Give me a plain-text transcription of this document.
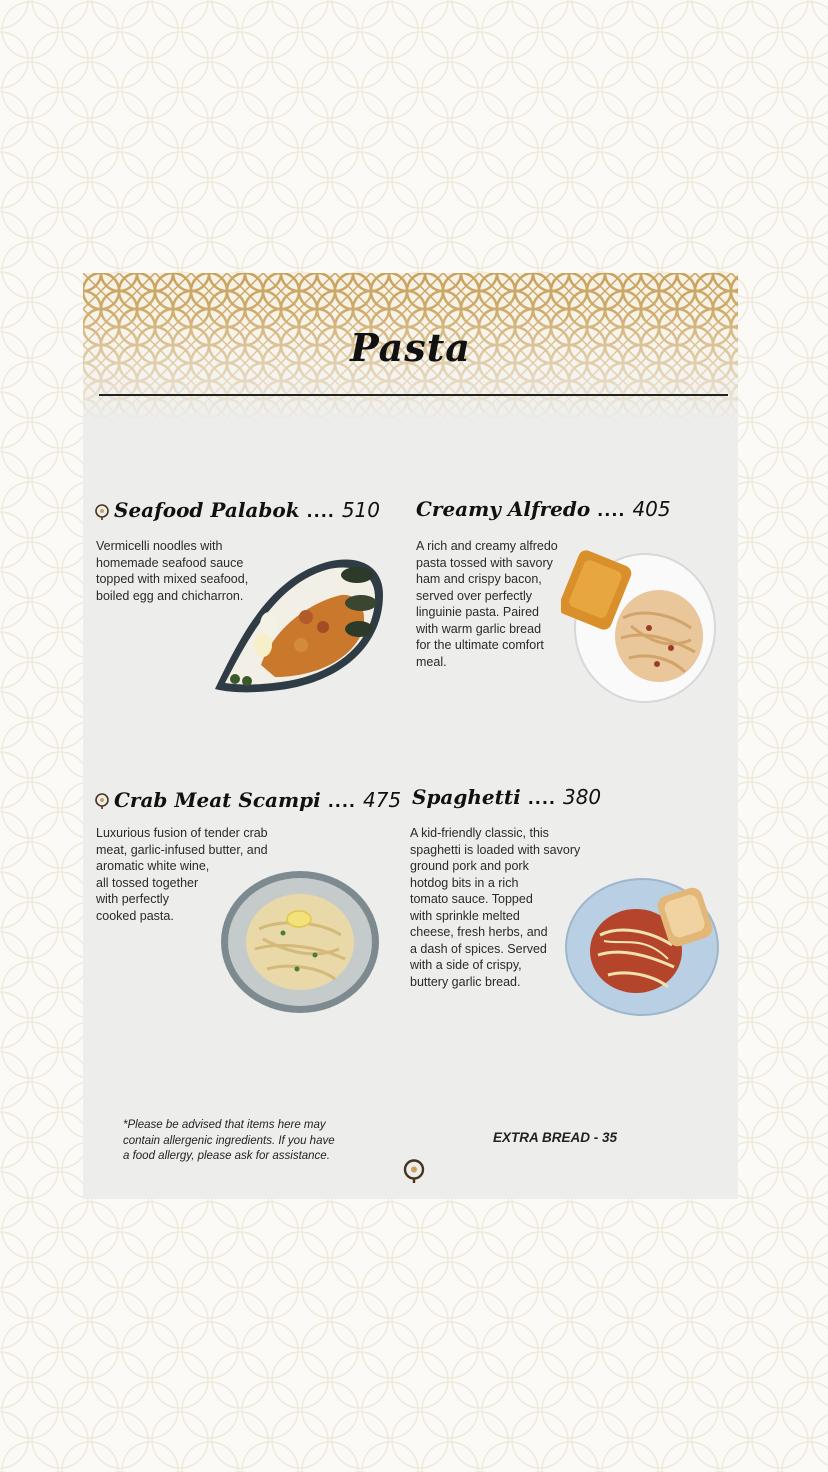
Pasta
Seafood Palabok .... 510
Vermicelli noodles with
homemade seafood sauce
topped with mixed seafood,
boiled egg and chicharron.
Creamy Alfredo .... 405
A rich and creamy alfredo
pasta tossed with savory
ham and crispy bacon,
served over perfectly
linguinie pasta. Paired
with warm garlic bread
for the ultimate comfort
meal.
Crab Meat Scampi .... 475
Luxurious fusion of tender crab
meat, garlic-infused butter, and
aromatic white wine,
all tossed together
with perfectly
cooked pasta.
Spaghetti .... 380
A kid-friendly classic, this
spaghetti is loaded with savory
ground pork and pork
hotdog bits in a rich
tomato sauce. Topped
with sprinkle melted
cheese, fresh herbs, and
a dash of spices. Served
with a side of crispy,
buttery garlic bread.
*Please be advised that items here may
contain allergenic ingredients. If you have
a food allergy, please ask for assistance.
EXTRA BREAD - 35
